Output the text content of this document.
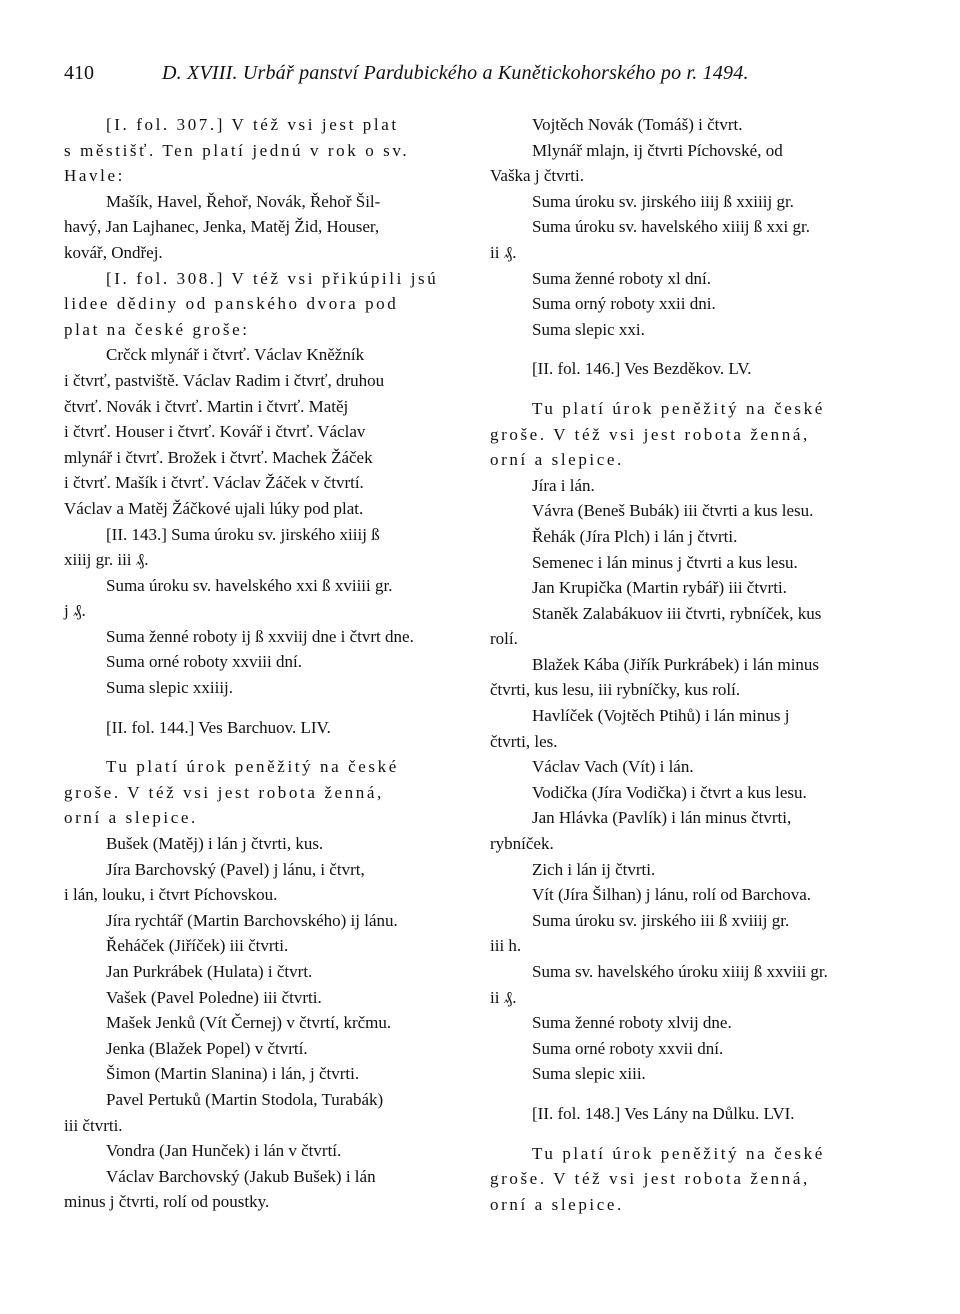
410	D. XVIII. Urbář panství Pardubického a Kunětickohorského po r. 1494.
[I. fol. 307.] V též vsi jest plat
s městišť. Ten platí jednú v rok o sv.
Havle:
Mašík, Havel, Řehoř, Novák, Řehoř Šil-
havý, Jan Lajhanec, Jenka, Matěj Žid, Houser,
kovář, Ondřej.
[I. fol. 308.] V též vsi přikúpili jsú
lidee dědiny od panského dvora pod
plat na české groše:
Crčck mlynář i čtvrť. Václav Kněžník
i čtvrť, pastviště. Václav Radim i čtvrť, druhou
čtvrť. Novák i čtvrť. Martin i čtvrť. Matěj
i čtvrť. Houser i čtvrť. Kovář i čtvrť. Václav
mlynář i čtvrť. Brožek i čtvrť. Machek Žáček
i čtvrť. Mašík i čtvrť. Václav Žáček v čtvrtí.
Václav a Matěj Žáčkové ujali lúky pod plat.
[II. 143.] Suma úroku sv. jirského xiiij ß
xiiij gr. iii ₰.
Suma úroku sv. havelského xxi ß xviiii gr.
j ₰.
Suma ženné roboty ij ß xxviij dne i čtvrt dne.
Suma orné roboty xxviii dní.
Suma slepic xxiiij.
[II. fol. 144.] Ves Barchuov. LIV.
Tu platí úrok peněžitý na české
groše. V též vsi jest robota ženná,
orní a slepice.
Bušek (Matěj) i lán j čtvrti, kus.
Jíra Barchovský (Pavel) j lánu, i čtvrt,
i lán, louku, i čtvrt Píchovskou.
Jíra rychtář (Martin Barchovského) ij lánu.
Řeháček (Jiříček) iii čtvrti.
Jan Purkrábek (Hulata) i čtvrt.
Vašek (Pavel Poledne) iii čtvrti.
Mašek Jenků (Vít Černej) v čtvrtí, krčmu.
Jenka (Blažek Popel) v čtvrtí.
Šimon (Martin Slanina) i lán, j čtvrti.
Pavel Pertuků (Martin Stodola, Turabák)
iii čtvrti.
Vondra (Jan Hunček) i lán v čtvrtí.
Václav Barchovský (Jakub Bušek) i lán
minus j čtvrti, rolí od poustky.
Vojtěch Novák (Tomáš) i čtvrt.
Mlynář mlajn, ij čtvrti Píchovské, od
Vaška j čtvrti.
Suma úroku sv. jirského iiij ß xxiiij gr.
Suma úroku sv. havelského xiiij ß xxi gr.
ii ₰.
Suma ženné roboty xl dní.
Suma orný roboty xxii dni.
Suma slepic xxi.
[II. fol. 146.] Ves Bezděkov. LV.
Tu platí úrok peněžitý na české
groše. V též vsi jest robota ženná,
orní a slepice.
Jíra i lán.
Vávra (Beneš Bubák) iii čtvrti a kus lesu.
Řehák (Jíra Plch) i lán j čtvrti.
Semenec i lán minus j čtvrti a kus lesu.
Jan Krupička (Martin rybář) iii čtvrti.
Staněk Zalabákuov iii čtvrti, rybníček, kus
rolí.
Blažek Kába (Jiřík Purkrábek) i lán minus
čtvrti, kus lesu, iii rybníčky, kus rolí.
Havlíček (Vojtěch Ptihů) i lán minus j
čtvrti, les.
Václav Vach (Vít) i lán.
Vodička (Jíra Vodička) i čtvrt a kus lesu.
Jan Hlávka (Pavlík) i lán minus čtvrti,
rybníček.
Zich i lán ij čtvrti.
Vít (Jíra Šilhan) j lánu, rolí od Barchova.
Suma úroku sv. jirského iii ß xviiij gr.
iii h.
Suma sv. havelského úroku xiiij ß xxviii gr.
ii ₰.
Suma ženné roboty xlvij dne.
Suma orné roboty xxvii dní.
Suma slepic xiii.
[II. fol. 148.] Ves Lány na Důlku. LVI.
Tu platí úrok peněžitý na české
groše. V též vsi jest robota ženná,
orní a slepice.
